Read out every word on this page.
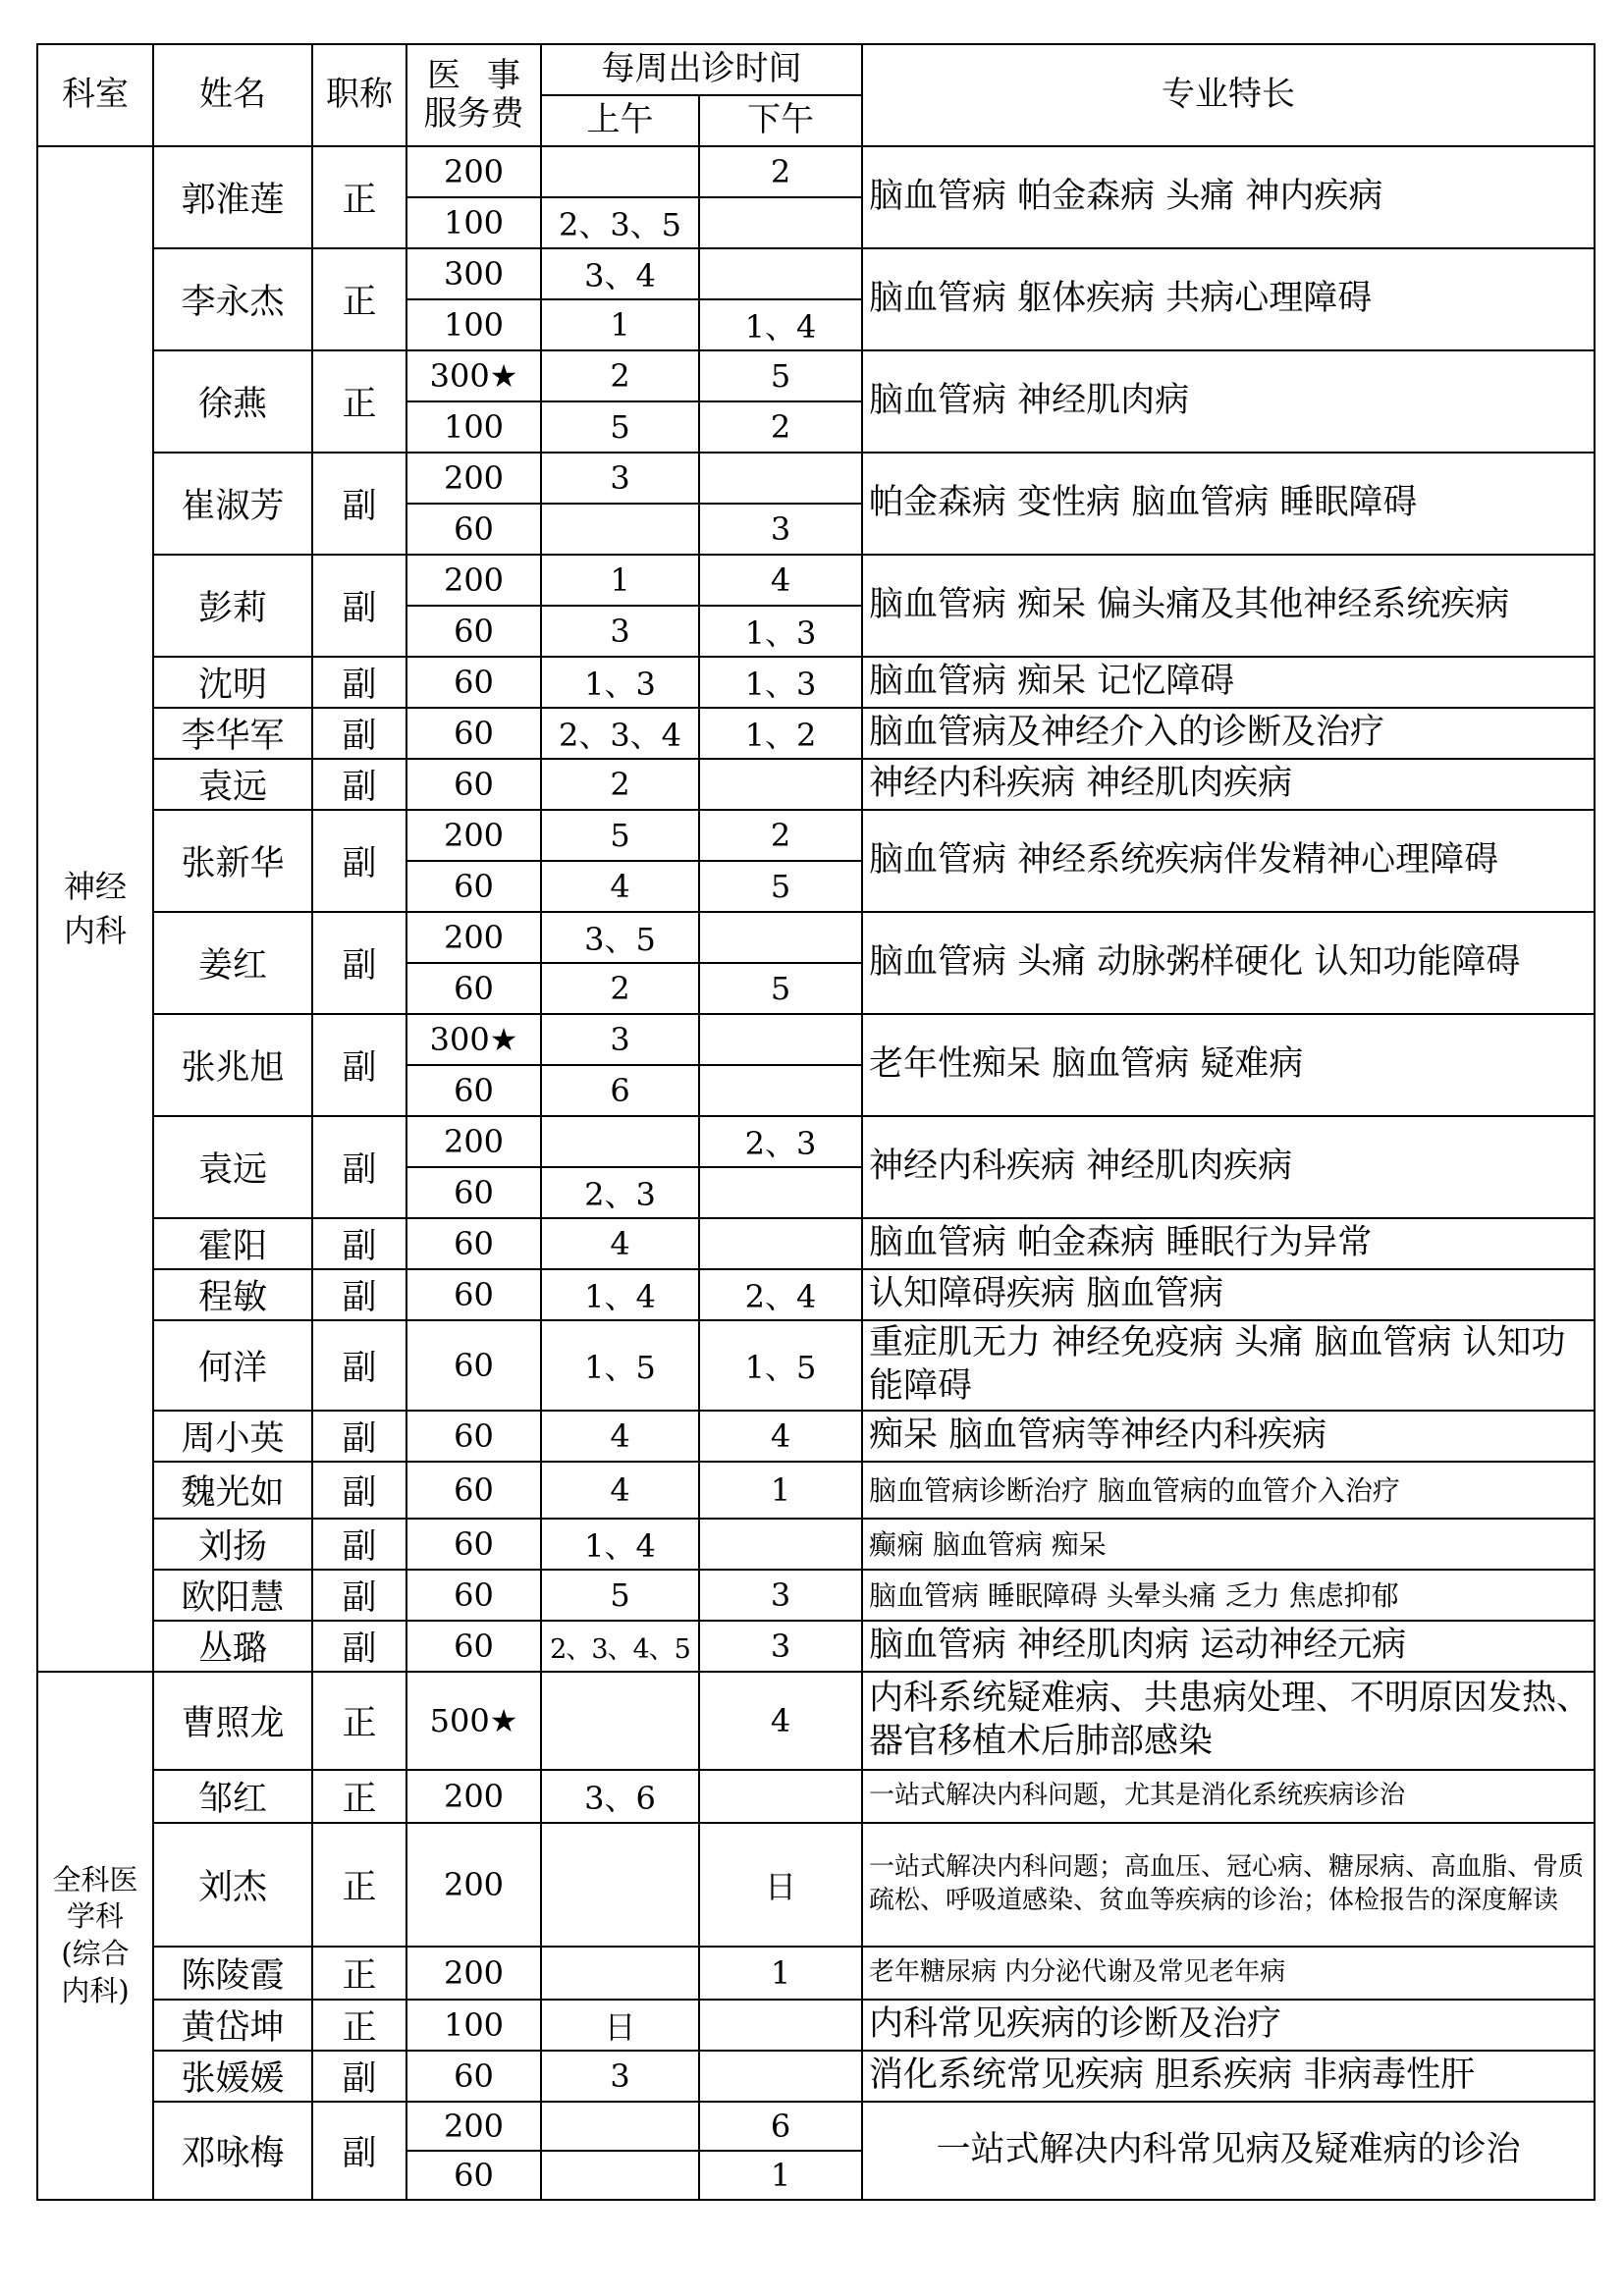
科室	姓名	职称	医 事
服务费	每周出诊时间		专业特长
				上午	下午	

神经
内科	郭淮莲	正	200		2	脑血管病 帕金森病 头痛 神内疾病
			100	2、3、5		
	李永杰	正	300	3、4		脑血管病 躯体疾病 共病心理障碍
			100	1	1、4	
	徐燕	正	300★	2	5	脑血管病 神经肌肉病
			100	5	2	
	崔淑芳	副	200	3		帕金森病 变性病 脑血管病 睡眠障碍
			60		3	
	彭莉	副	200	1	4	脑血管病 痴呆 偏头痛及其他神经系统疾病
			60	3	1、3	
	沈明	副	60	1、3	1、3	脑血管病 痴呆 记忆障碍
	李华军	副	60	2、3、4	1、2	脑血管病及神经介入的诊断及治疗
	袁远	副	60	2		神经内科疾病 神经肌肉疾病
	张新华	副	200	5	2	脑血管病 神经系统疾病伴发精神心理障碍
			60	4	5	
	姜红	副	200	3、5		脑血管病 头痛 动脉粥样硬化 认知功能障碍
			60	2	5	
	张兆旭	副	300★	3		老年性痴呆 脑血管病 疑难病
			60	6		
	袁远	副	200		2、3	神经内科疾病 神经肌肉疾病
			60	2、3		
	霍阳	副	60	4		脑血管病 帕金森病 睡眠行为异常
	程敏	副	60	1、4	2、4	认知障碍疾病 脑血管病
	何洋	副	60	1、5	1、5	重症肌无力 神经免疫病 头痛 脑血管病 认知功能障碍
	周小英	副	60	4	4	痴呆 脑血管病等神经内科疾病
	魏光如	副	60	4	1	脑血管病诊断治疗 脑血管病的血管介入治疗
	刘扬	副	60	1、4		癫痫 脑血管病 痴呆
	欧阳慧	副	60	5	3	脑血管病 睡眠障碍 头晕头痛 乏力 焦虑抑郁
	丛璐	副	60	2、3、4、5	3	脑血管病 神经肌肉病 运动神经元病

全科医
学科
(综合
内科)	曹照龙	正	500★		4	内科系统疑难病、共患病处理、不明原因发热、器官移植术后肺部感染
	邹红	正	200	3、6		一站式解决内科问题，尤其是消化系统疾病诊治
	刘杰	正	200		日	一站式解决内科问题；高血压、冠心病、糖尿病、高血脂、骨质疏松、呼吸道感染、贫血等疾病的诊治；体检报告的深度解读
	陈陵霞	正	200		1	老年糖尿病 内分泌代谢及常见老年病
	黄岱坤	正	100	日		内科常见疾病的诊断及治疗
	张媛媛	副	60	3		消化系统常见疾病 胆系疾病 非病毒性肝
	邓咏梅	副	200		6	一站式解决内科常见病及疑难病的诊治
			60		1	
